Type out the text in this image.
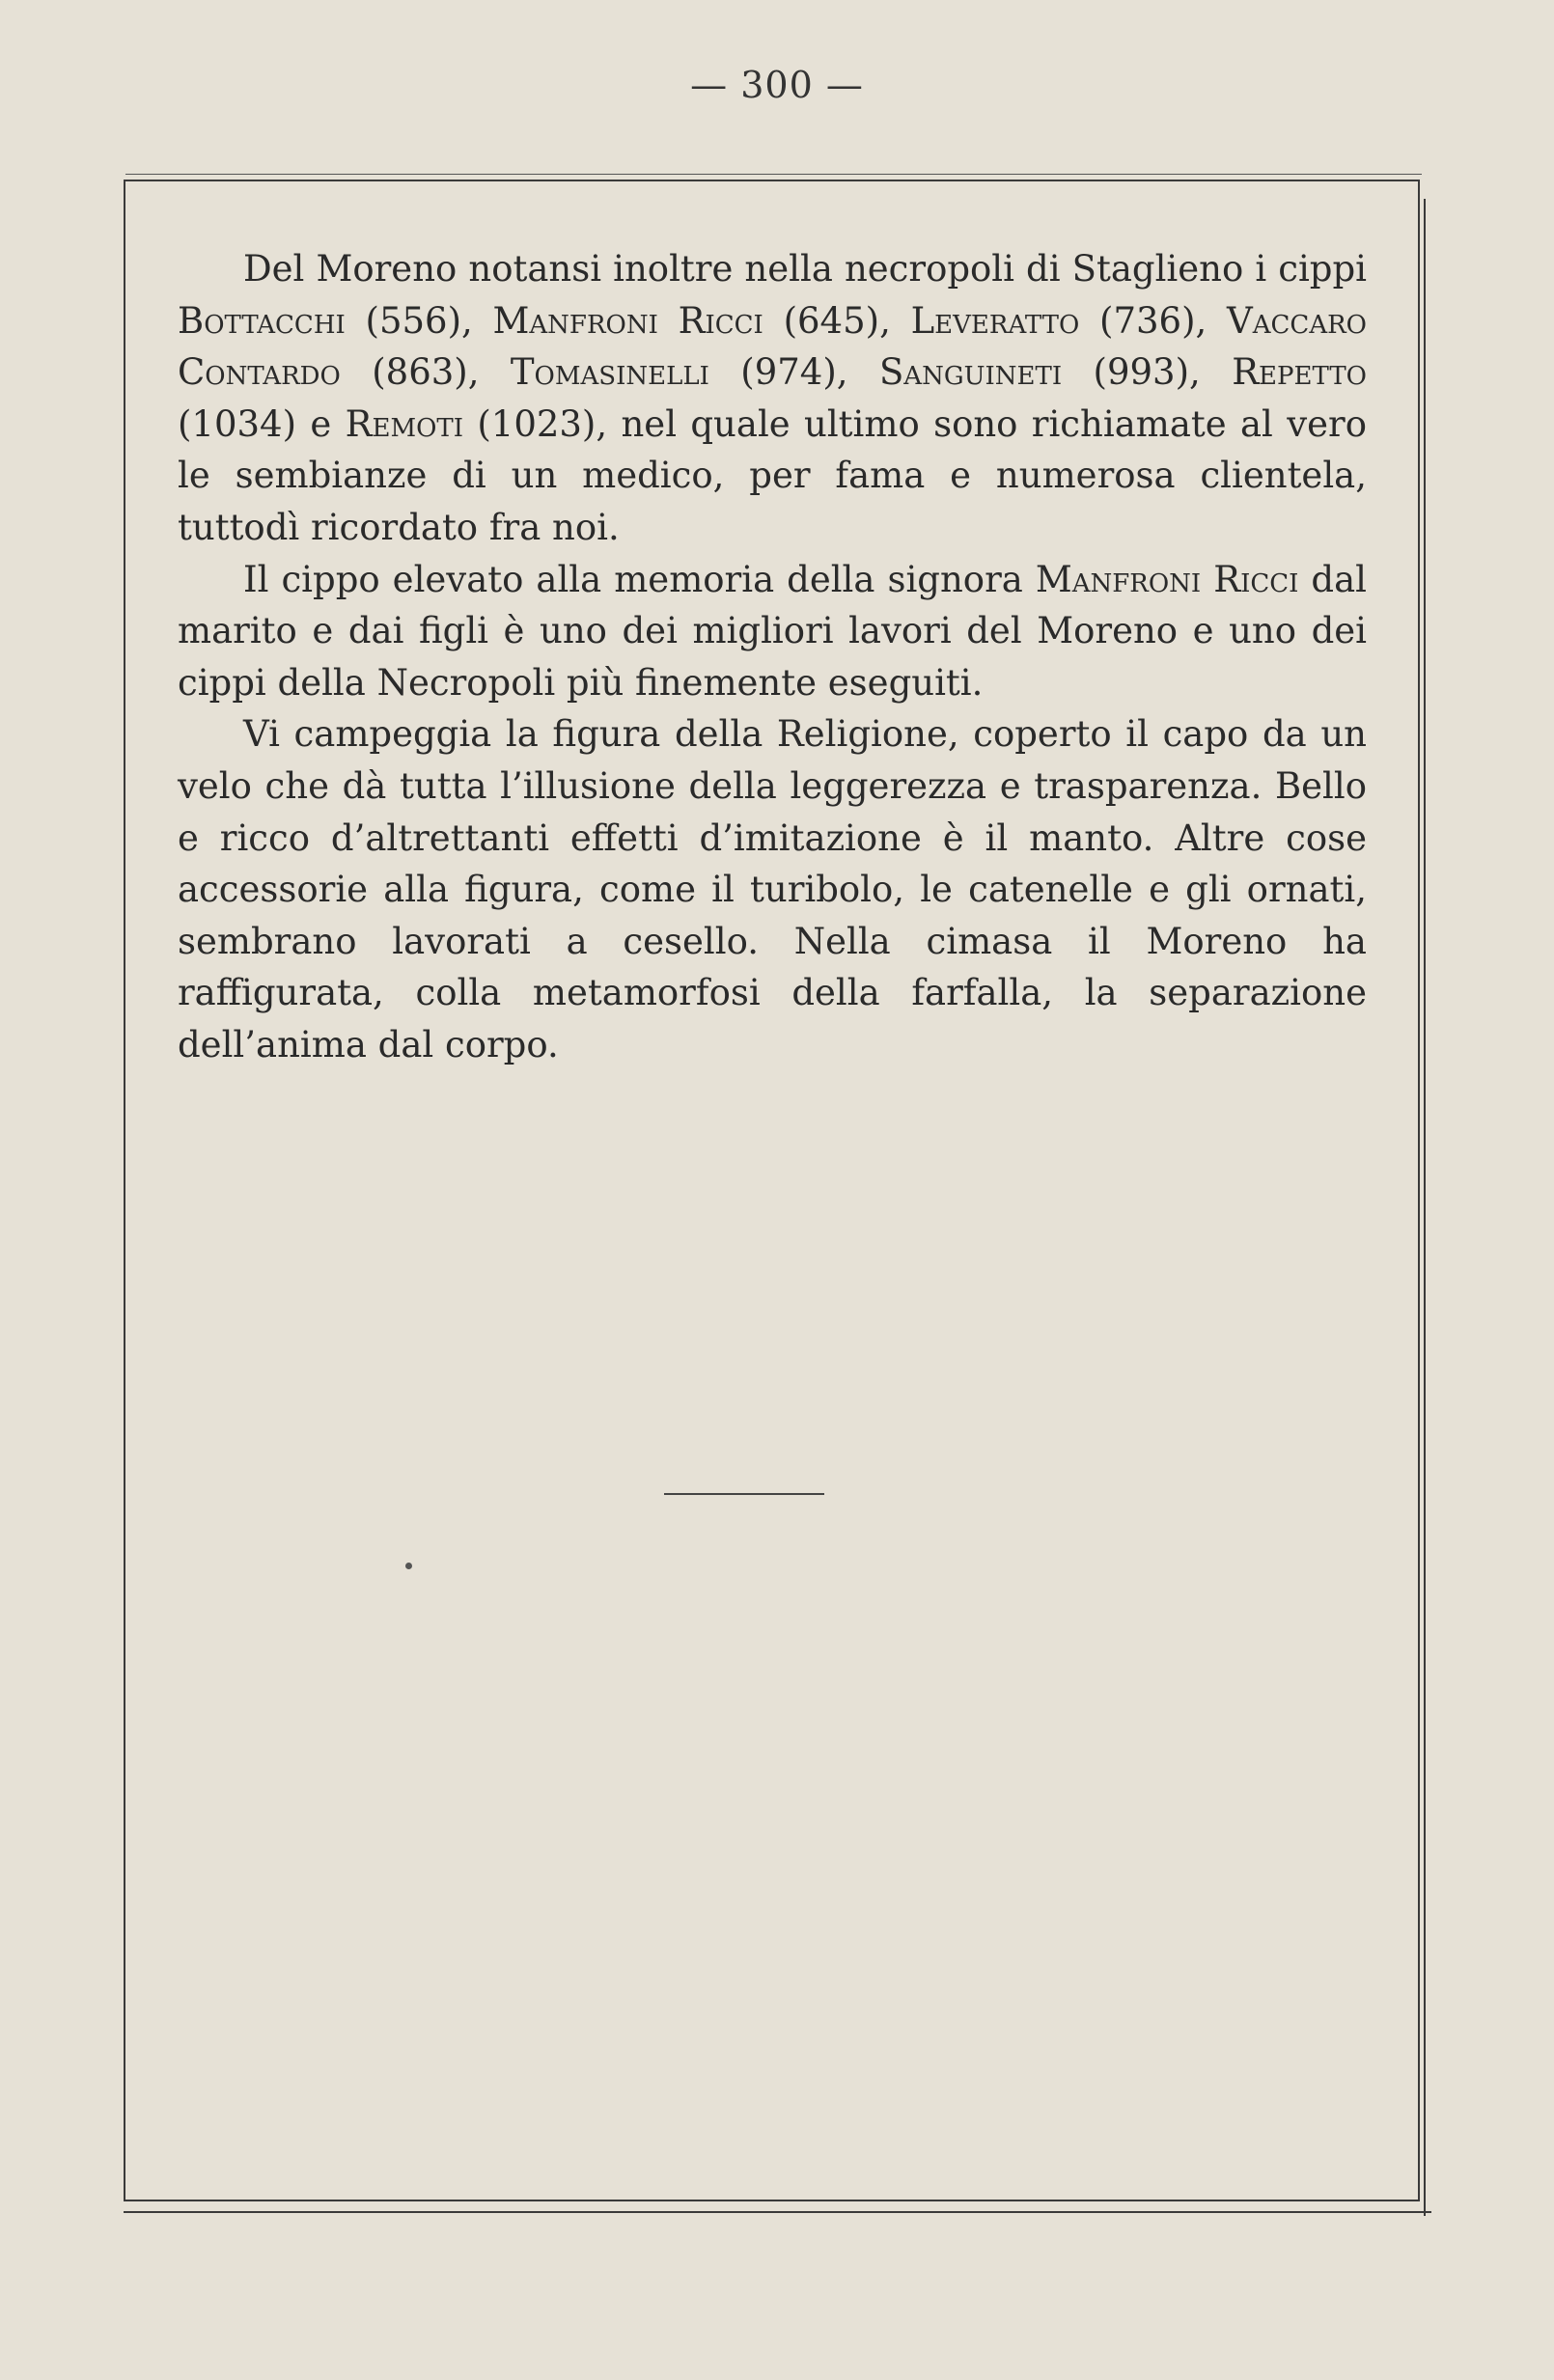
— 300 —

Del Moreno notansi inoltre nella necropoli di Staglieno i cippi Bottacchi (556), Manfroni Ricci (645), Leveratto (736), Vaccaro Contardo (863), Tomasinelli (974), Sanguineti (993), Repetto (1034) e Remoti (1023), nel quale ultimo sono richiamate al vero le sembianze di un medico, per fama e numerosa clientela, tuttodì ricordato fra noi.

Il cippo elevato alla memoria della signora Manfroni Ricci dal marito e dai figli è uno dei migliori lavori del Moreno e uno dei cippi della Necropoli più finemente eseguiti.

Vi campeggia la figura della Religione, coperto il capo da un velo che dà tutta l’illusione della leggerezza e trasparenza. Bello e ricco d’altrettanti effetti d’imitazione è il manto. Altre cose accessorie alla figura, come il turibolo, le catenelle e gli ornati, sembrano lavorati a cesello. Nella cimasa il Moreno ha raffigurata, colla metamorfosi della farfalla, la separazione dell’anima dal corpo.
